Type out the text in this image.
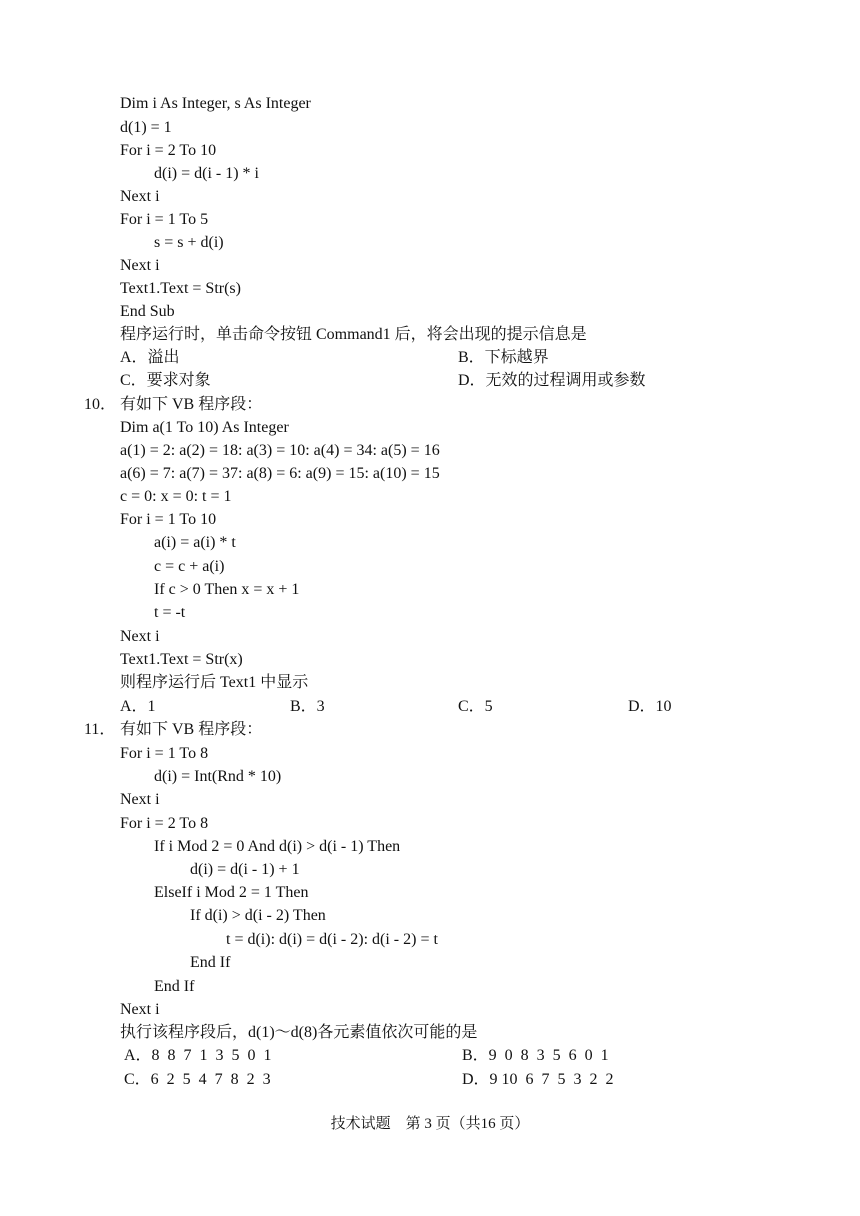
Dim i As Integer, s As Integer
d(1) = 1
For i = 2 To 10
d(i) = d(i - 1) * i
Next i
For i = 1 To 5
s = s + d(i)
Next i
Text1.Text = Str(s)
End Sub
程序运行时，单击命令按钮 Command1 后，将会出现的提示信息是
A．溢出	B．下标越界
C．要求对象	D．无效的过程调用或参数
10． 有如下 VB 程序段：
Dim a(1 To 10) As Integer
a(1) = 2: a(2) = 18: a(3) = 10: a(4) = 34: a(5) = 16
a(6) = 7: a(7) = 37: a(8) = 6: a(9) = 15: a(10) = 15
c = 0: x = 0: t = 1
For i = 1 To 10
a(i) = a(i) * t
c = c + a(i)
If c > 0 Then x = x + 1
t = -t
Next i
Text1.Text = Str(x)
则程序运行后 Text1 中显示
A．1	B．3	C．5	D．10
11． 有如下 VB 程序段：
For i = 1 To 8
d(i) = Int(Rnd * 10)
Next i
For i = 2 To 8
If i Mod 2 = 0 And d(i) > d(i - 1) Then
d(i) = d(i - 1) + 1
ElseIf i Mod 2 = 1 Then
If d(i) > d(i - 2) Then
t = d(i): d(i) = d(i - 2): d(i - 2) = t
End If
End If
Next i
执行该程序段后，d(1)～d(8)各元素值依次可能的是
A．8  8  7  1  3  5  0  1	B．9  0  8  3  5  6  0  1
C．6  2  5  4  7  8  2  3	D．9 10  6  7  5  3  2  2
技术试题　第 3 页（共16 页）
